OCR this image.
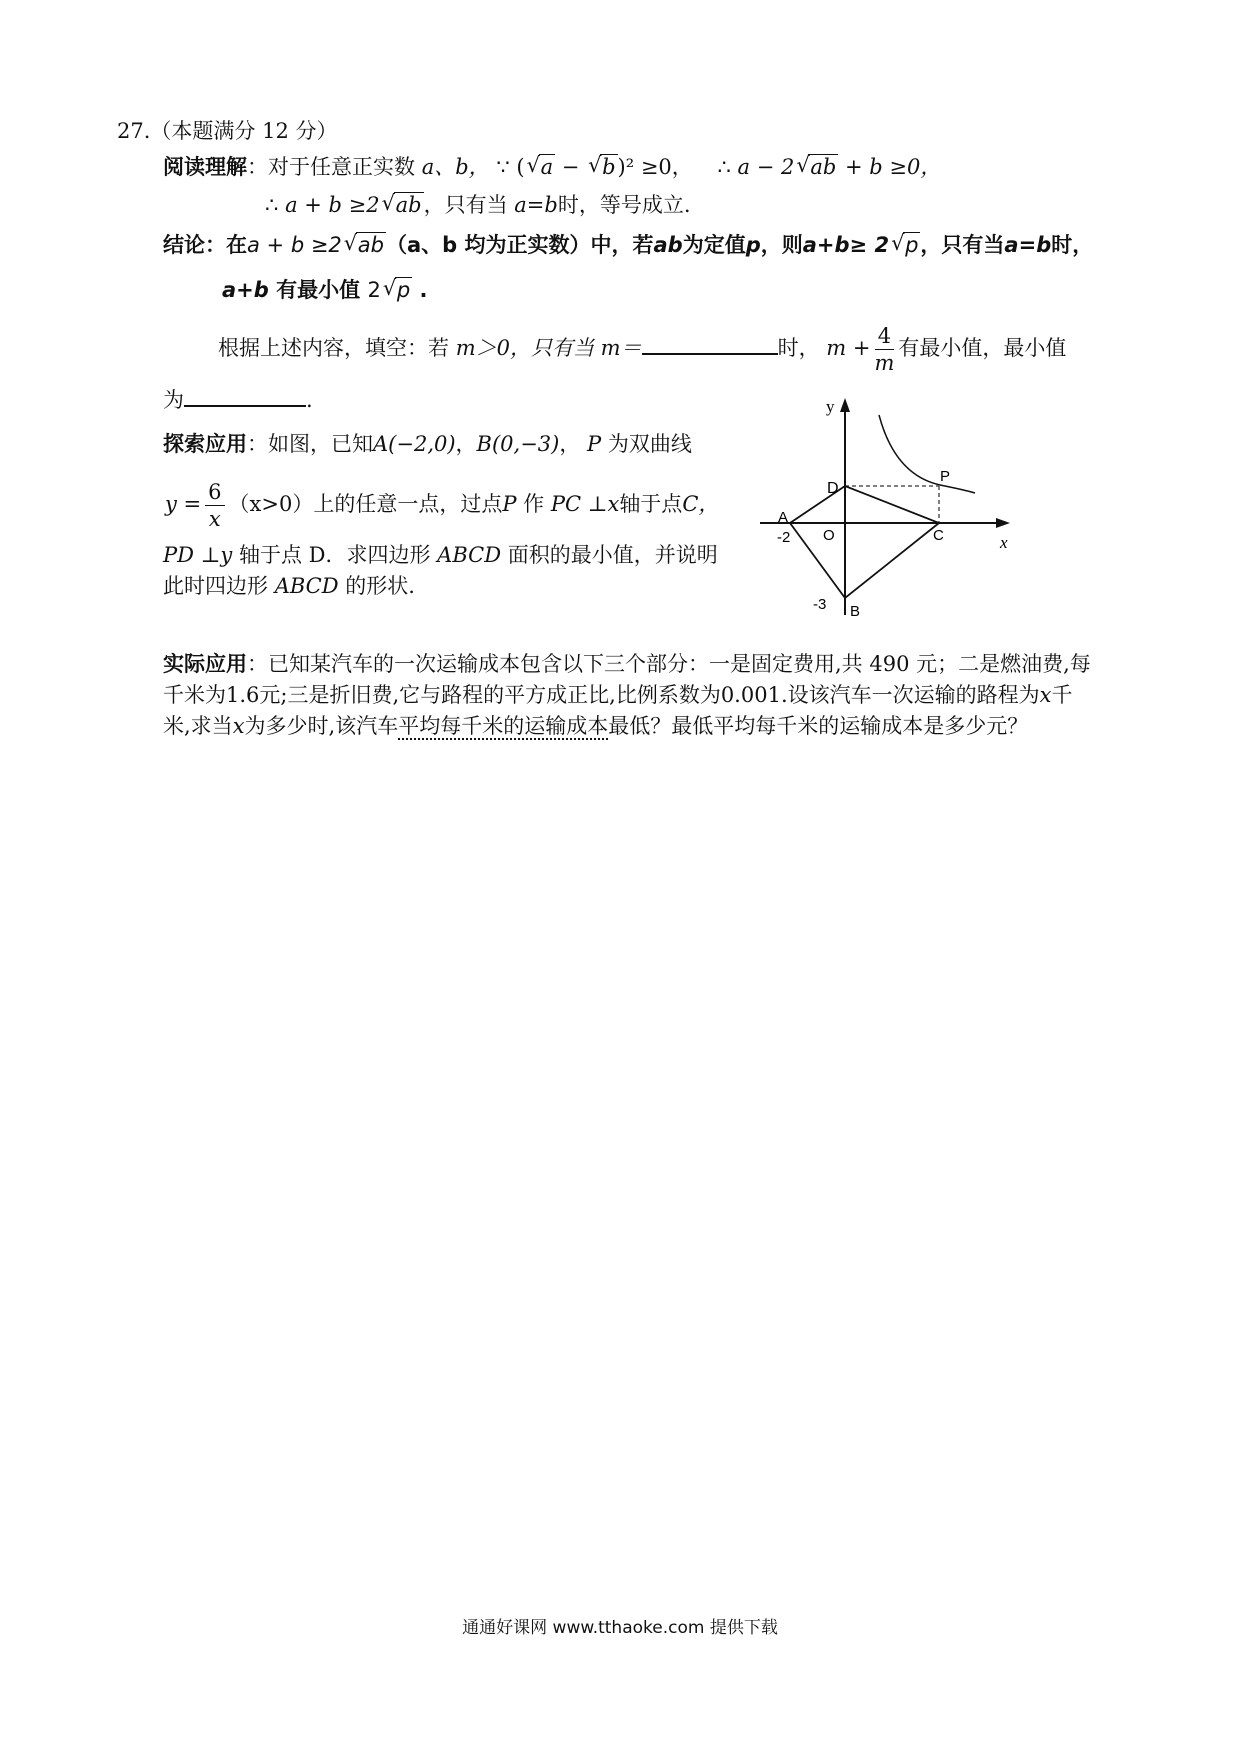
27.（本题满分 12 分）
阅读理解：对于任意正实数 a、b， ∵ ( √ a − √ b)² ≥0， ∴ a − 2 √ ab + b ≥0，
∴ a + b ≥2 √ ab，只有当 a=b时，等号成立.
结论：在a + b ≥2 √ ab（a、b 均为正实数）中，若ab为定值p，则a+b≥ 2 √ p，只有当a=b时，
a+b 有最小值 2 √ p .
根据上述内容，填空：若 m＞0，只有当 m＝	时， $m + \frac{4}{m}$ 有最小值，最小值
为	.
探索应用：如图，已知A(−2,0)，B(0,−3)， P 为双曲线
$y = \frac{6}{x} (x>0)$上的任意一点，过点P 作 PC ⊥x轴于点C，
PD ⊥y 轴于点 D．求四边形 ABCD 面积的最小值，并说明
此时四边形 ABCD 的形状.
y
x
D
P
A
O	C
-2
-3 B
实际应用：已知某汽车的一次运输成本包含以下三个部分：一是固定费用,共 490 元；二是燃油费,每
千米为1.6元;三是折旧费,它与路程的平方成正比,比例系数为0.001.设该汽车一次运输的路程为x千
米,求当x为多少时,该汽车平均每千米的运输成本最低？最低平均每千米的运输成本是多少元？
通通好课网 www.tthaoke.com 提供下载
